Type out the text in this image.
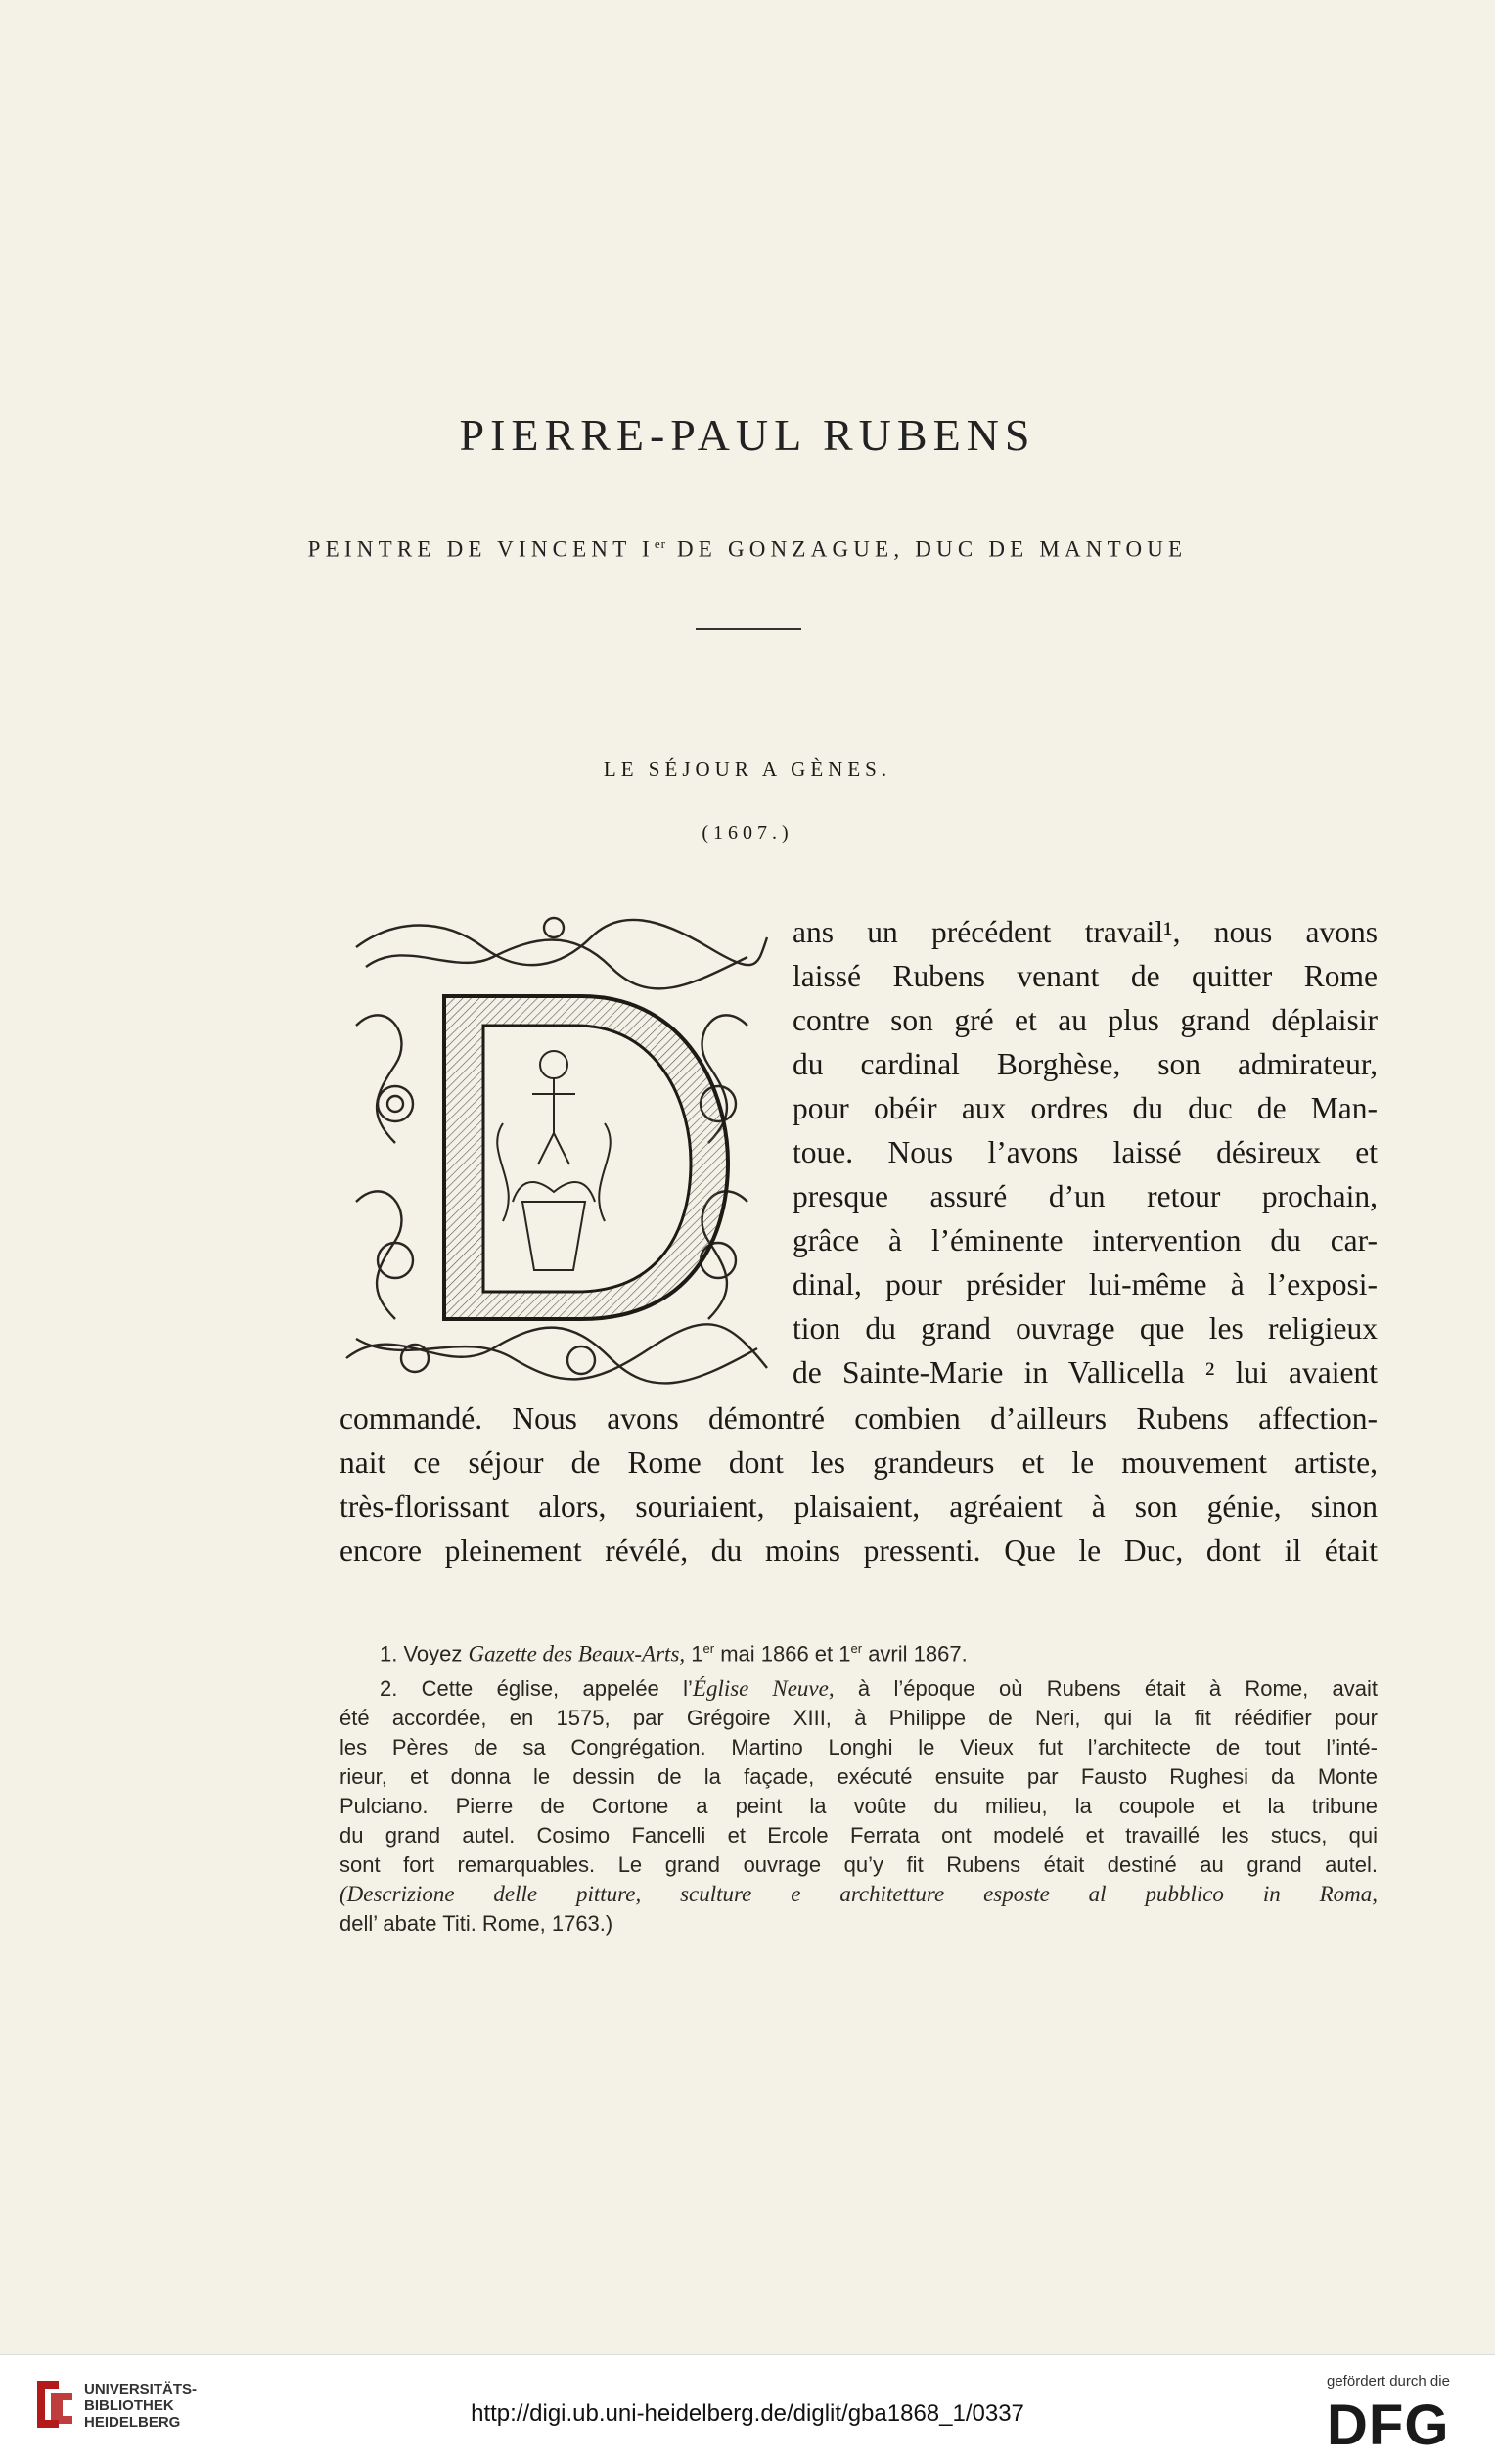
PIERRE-PAUL RUBENS
PEINTRE DE VINCENT Ier DE GONZAGUE, DUC DE MANTOUE
LE SÉJOUR A GÈNES.
(1607.)
ans un précédent travail¹, nous avons
laissé Rubens venant de quitter Rome
contre son gré et au plus grand déplaisir
du cardinal Borghèse, son admirateur,
pour obéir aux ordres du duc de Man-
toue. Nous l’avons laissé désireux et
presque assuré d’un retour prochain,
grâce à l’éminente intervention du car-
dinal, pour présider lui-même à l’exposi-
tion du grand ouvrage que les religieux
de Sainte-Marie in Vallicella ² lui avaient
commandé. Nous avons démontré combien d’ailleurs Rubens affection-
nait ce séjour de Rome dont les grandeurs et le mouvement artiste,
très-florissant alors, souriaient, plaisaient, agréaient à son génie, sinon
encore pleinement révélé, du moins pressenti. Que le Duc, dont il était
1. Voyez Gazette des Beaux-Arts, 1er mai 1866 et 1er avril 1867.
2. Cette église, appelée l’Église Neuve, à l’époque où Rubens était à Rome, avait
été accordée, en 1575, par Grégoire XIII, à Philippe de Neri, qui la fit réédifier pour
les Pères de sa Congrégation. Martino Longhi le Vieux fut l’architecte de tout l’inté-
rieur, et donna le dessin de la façade, exécuté ensuite par Fausto Rughesi da Monte
Pulciano. Pierre de Cortone a peint la voûte du milieu, la coupole et la tribune
du grand autel. Cosimo Fancelli et Ercole Ferrata ont modelé et travaillé les stucs, qui
sont fort remarquables. Le grand ouvrage qu’y fit Rubens était destiné au grand autel.
(Descrizione delle pitture, sculture e architetture esposte al pubblico in Roma,
dell’ abate Titi. Rome, 1763.)
UNIVERSITÄTS-
BIBLIOTHEK
HEIDELBERG	http://digi.ub.uni-heidelberg.de/diglit/gba1868_1/0337
gefördert durch die
DFG
